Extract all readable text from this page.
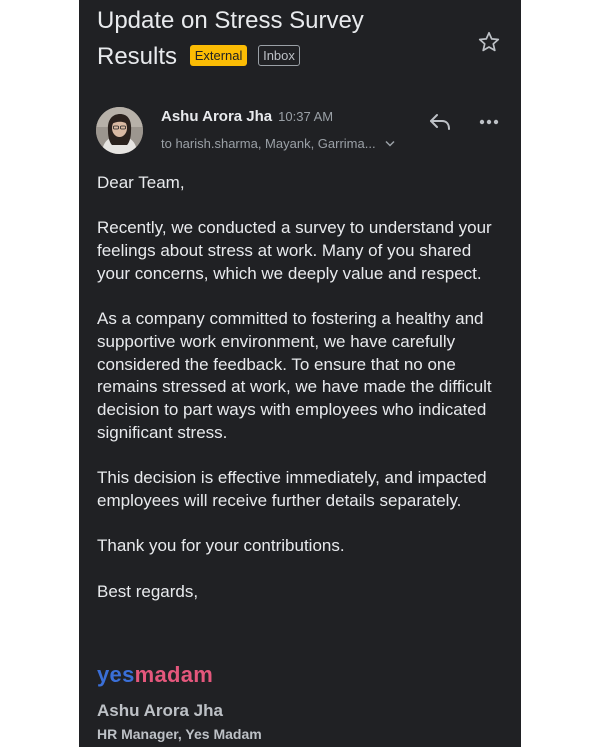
Update on Stress Survey
Results External Inbox
Ashu Arora Jha 10:37 AM
to harish.sharma, Mayank, Garrima...

Dear Team,

Recently, we conducted a survey to understand your feelings about stress at work. Many of you shared your concerns, which we deeply value and respect.

As a company committed to fostering a healthy and supportive work environment, we have carefully considered the feedback. To ensure that no one remains stressed at work, we have made the difficult decision to part ways with employees who indicated significant stress.

This decision is effective immediately, and impacted employees will receive further details separately.

Thank you for your contributions.

Best regards,

yesmadam
Ashu Arora Jha
HR Manager, Yes Madam
